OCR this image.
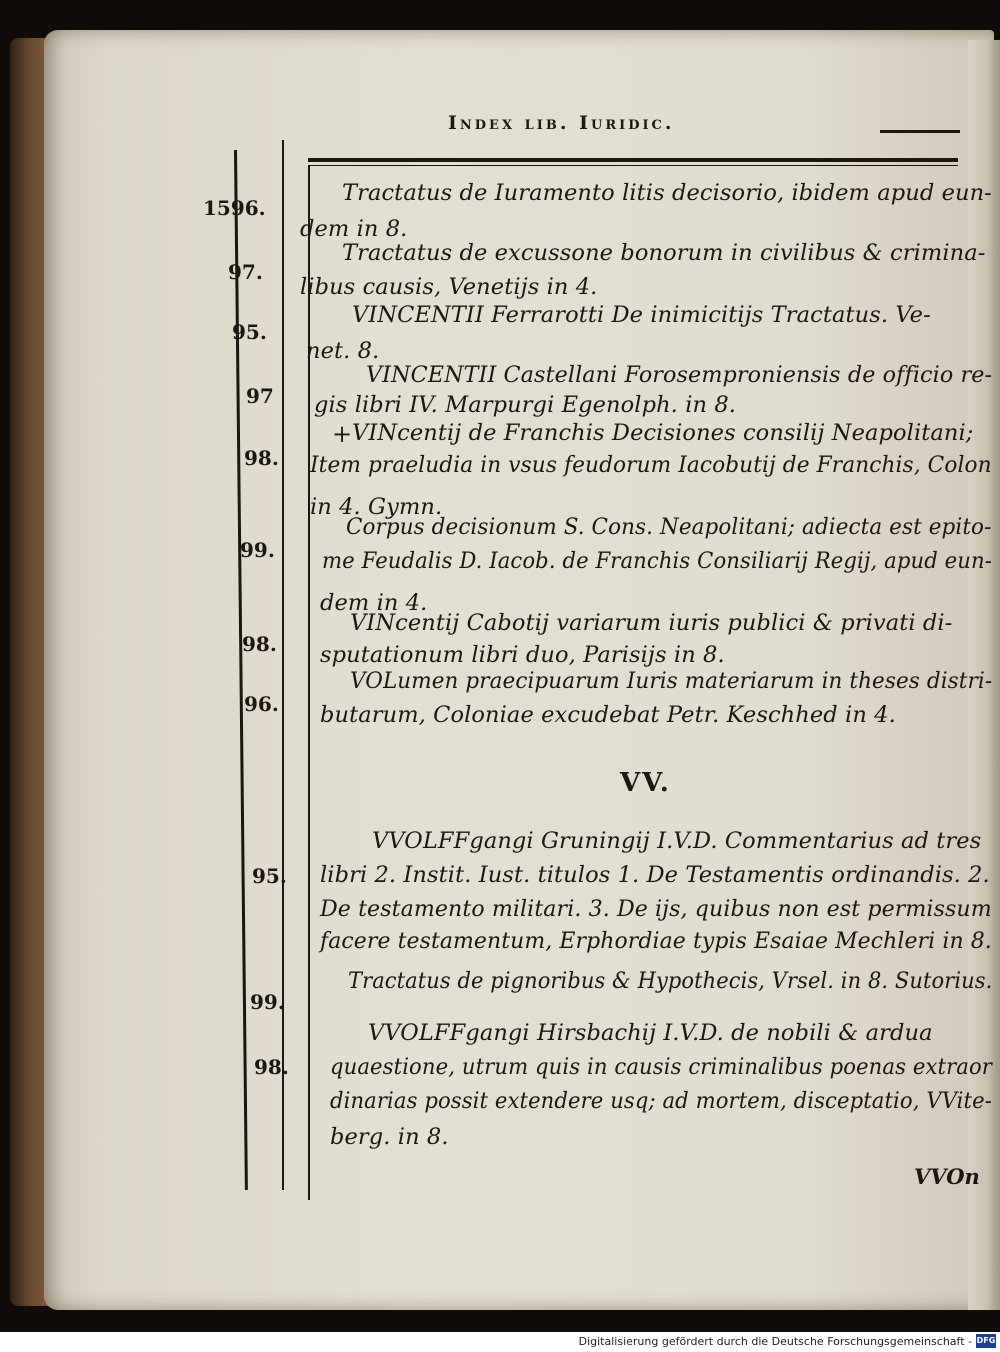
Index lib. Iuridic.
1596.
97.
95.
97
98.
99.
98.
96.
95.
99.
98.
+
Tractatus de Iuramento litis decisorio, ibidem apud eun-
dem in 8.
Tractatus de excussone bonorum in civilibus & crimina-
libus causis, Venetijs in 4.
VINCENTII Ferrarotti De inimicitijs Tractatus. Ve-
net. 8.
VINCENTII Castellani Forosemproniensis de officio re-
gis libri IV. Marpurgi Egenolph. in 8.
VINcentij de Franchis Decisiones consilij Neapolitani;
Item praeludia in vsus feudorum Iacobutij de Franchis, Colon
in 4. Gymn.
Corpus decisionum S. Cons. Neapolitani; adiecta est epito-
me Feudalis D. Iacob. de Franchis Consiliarij Regij, apud eun-
dem in 4.
VINcentij Cabotij variarum iuris publici & privati di-
sputationum libri duo, Parisijs in 8.
VOLumen praecipuarum Iuris materiarum in theses distri-
butarum, Coloniae excudebat Petr. Keschhed in 4.
VV.
VVOLFFgangi Gruningij I.V.D. Commentarius ad tres
libri 2. Instit. Iust. titulos 1. De Testamentis ordinandis. 2.
De testamento militari. 3. De ijs, quibus non est permissum
facere testamentum, Erphordiae typis Esaiae Mechleri in 8.
Tractatus de pignoribus & Hypothecis, Vrsel. in 8. Sutorius.
VVOLFFgangi Hirsbachij I.V.D. de nobili & ardua
quaestione, utrum quis in causis criminalibus poenas extraor
dinarias possit extendere usq; ad mortem, disceptatio, VVite-
berg. in 8.
VVOn
Digitalisierung gefördert durch die Deutsche Forschungsgemeinschaft - DFG
